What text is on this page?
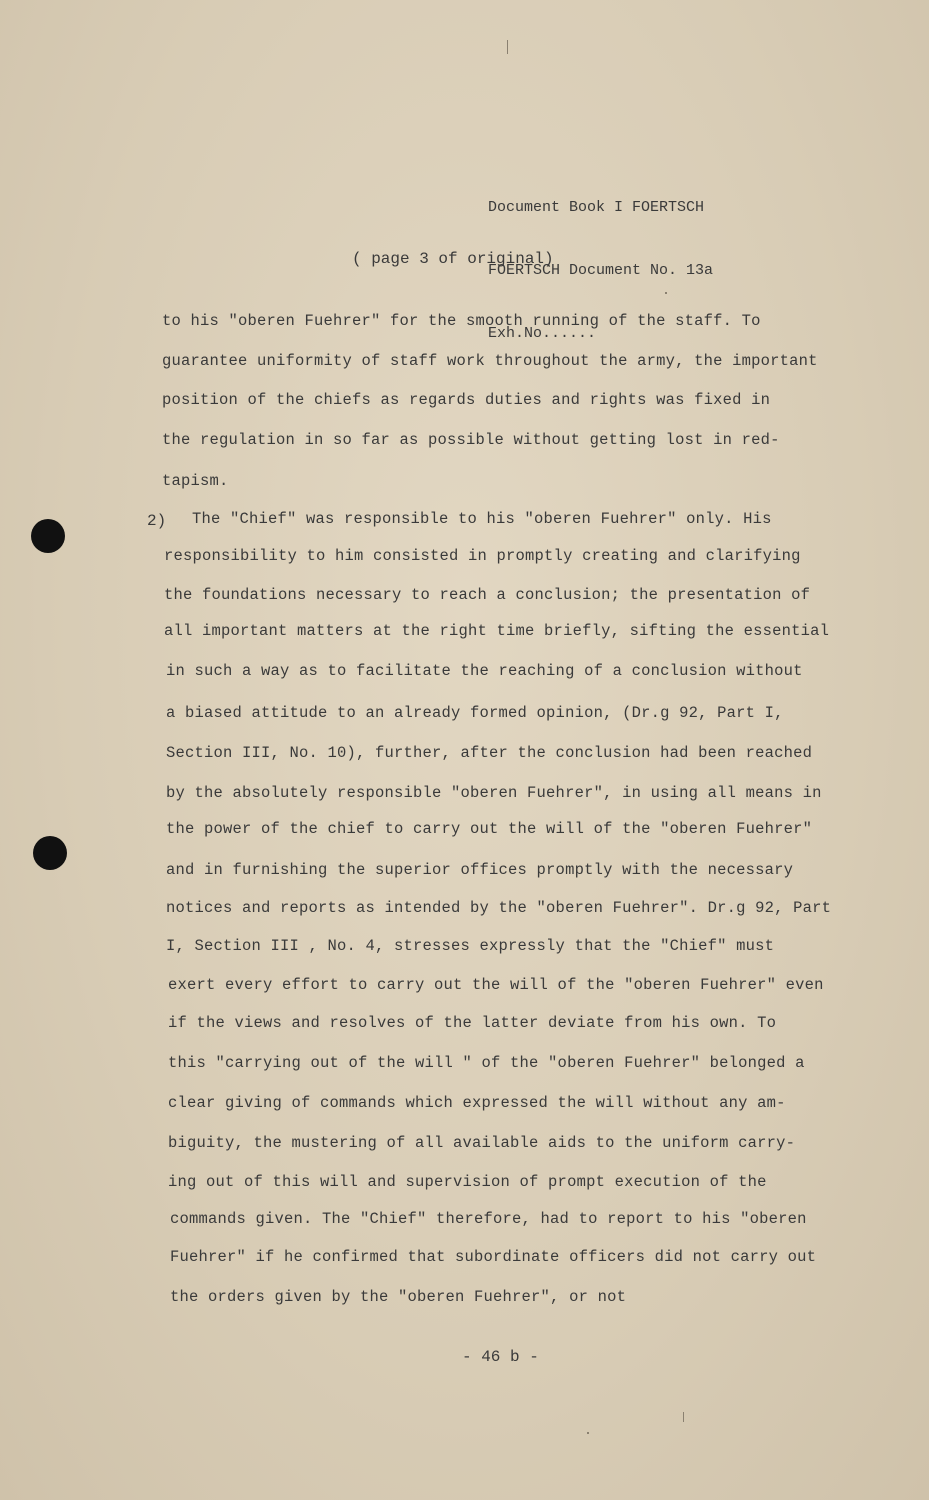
Document Book I FOERTSCH

FOERTSCH Document No. 13a

Exh.No......

( page 3 of original)
to his "oberen Fuehrer" for the smooth running of the staff. To
guarantee uniformity of staff work throughout the army, the important
position of the chiefs as regards duties and rights was fixed in
the regulation in so far as possible without getting lost in red-
tapism.
2) The "Chief" was responsible to his "oberen Fuehrer" only. His
responsibility to him consisted in promptly creating and clarifying
the foundations necessary to reach a conclusion; the presentation of
all important matters at the right time briefly, sifting the essential
in such a way as to facilitate the reaching of a conclusion without
a biased attitude to an already formed opinion, (Dr.g 92, Part I,
Section III, No. 10), further, after the conclusion had been reached
by the absolutely responsible "oberen Fuehrer", in using all means in
the power of the chief to carry out the will of the "oberen Fuehrer"
and in furnishing the superior offices promptly with the necessary
notices and reports as intended by the "oberen Fuehrer". Dr.g 92, Part
I, Section III , No. 4, stresses expressly that the "Chief" must
exert every effort to carry out the will of the "oberen Fuehrer" even
if the views and resolves of the latter deviate from his own. To
this "carrying out of the will " of the "oberen Fuehrer" belonged a
clear giving of commands which expressed the will without any am-
biguity, the mustering of all available aids to the uniform carry-
ing out of this will and supervision of prompt execution of the
commands given. The "Chief" therefore, had to report to his "oberen
Fuehrer" if he confirmed that subordinate officers did not carry out
the orders given by the "oberen Fuehrer", or not
- 46 b -
